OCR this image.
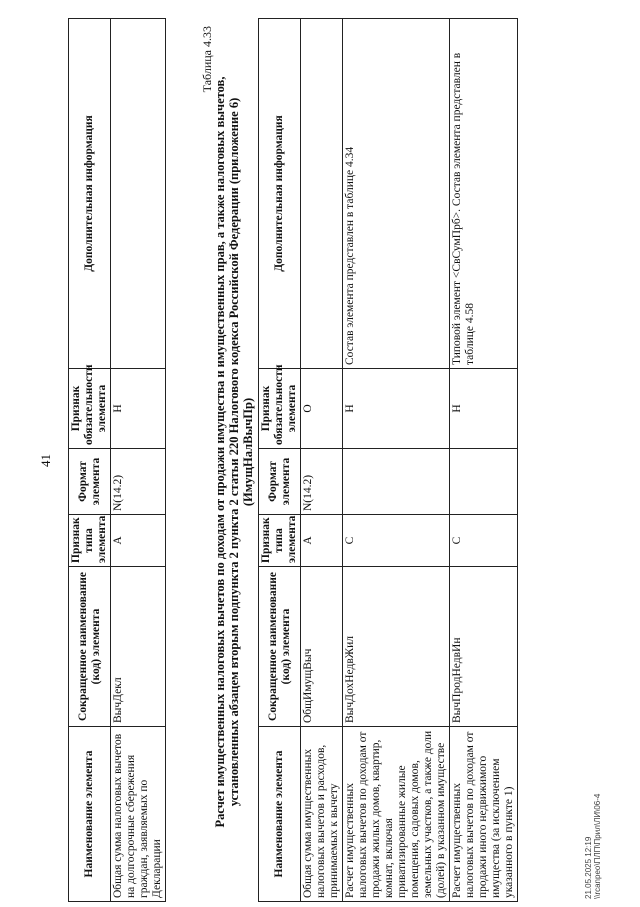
41
Наименование элемента	Сокращенное наименование (код) элемента	Признак типа элемента	Формат элемента	Признак обязательности элемента	Дополнительная информация
Общая сумма налоговых вычетов на долгосрочные сбережения граждан, заявляемых по Декларации	ВычДекл	А	N(14.2)	Н	
Таблица 4.33
Расчет имущественных налоговых вычетов по доходам от продажи имущества и имущественных прав, а также налоговых вычетов, установленных абзацем вторым подпункта 2 пункта 2 статьи 220 Налогового кодекса Российской Федерации (приложение 6) (ИмущНалВычПр)
Наименование элемента	Сокращенное наименование (код) элемента	Признак типа элемента	Формат элемента	Признак обязательности элемента	Дополнительная информация
Общая сумма имущественных налоговых вычетов и расходов, принимаемых к вычету	ОбщИмущВыч	А	N(14.2)	О	
Расчет имущественных налоговых вычетов по доходам от продажи жилых домов, квартир, комнат, включая приватизированные жилые помещения, садовых домов, земельных участков, а также доли (долей) в указанном имуществе	ВычДохНедвЖил	С		Н	Состав элемента представлен в таблице 4.34
Расчет имущественных налоговых вычетов по доходам от продажи иного недвижимого имущества (за исключением указанного в пункте 1)	ВычПродНедвИн	С		Н	Типовой элемент <СвСумПрб>. Состав элемента представлен в таблице 4.58
21.05.2025 12:19 \\rcanpeo\ПЛП\Прил\ЛИ\06-4
